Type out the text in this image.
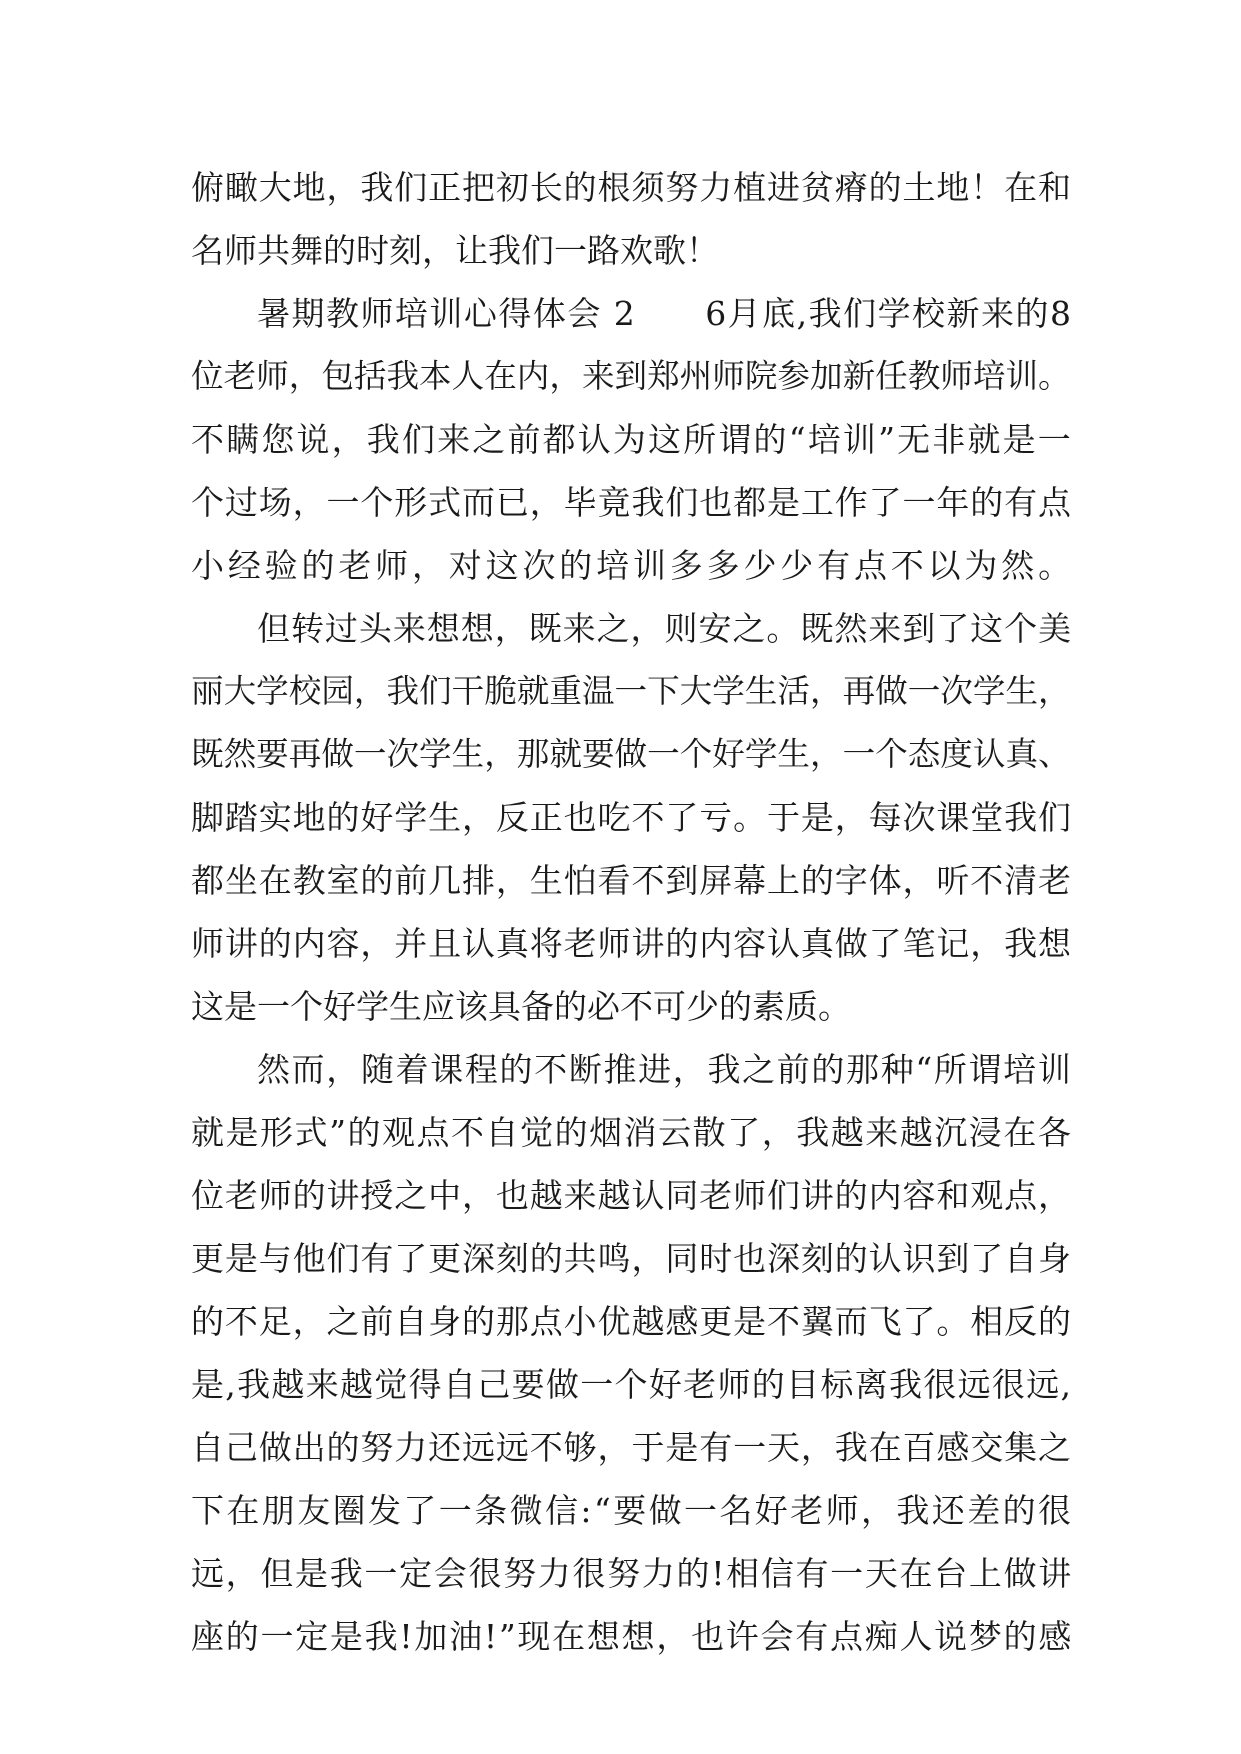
俯瞰大地，我们正把初长的根须努力植进贫瘠的土地！在和
名师共舞的时刻，让我们一路欢歌！
暑期教师培训心得体会 2　　6月底,我们学校新来的8
位老师，包括我本人在内，来到郑州师院参加新任教师培训。
不瞒您说，我们来之前都认为这所谓的“培训”无非就是一
个过场，一个形式而已，毕竟我们也都是工作了一年的有点
小经验的老师，对这次的培训多多少少有点不以为然。
但转过头来想想，既来之，则安之。既然来到了这个美
丽大学校园，我们干脆就重温一下大学生活，再做一次学生，
既然要再做一次学生，那就要做一个好学生，一个态度认真、
脚踏实地的好学生，反正也吃不了亏。于是，每次课堂我们
都坐在教室的前几排，生怕看不到屏幕上的字体，听不清老
师讲的内容，并且认真将老师讲的内容认真做了笔记，我想
这是一个好学生应该具备的必不可少的素质。
然而，随着课程的不断推进，我之前的那种“所谓培训
就是形式”的观点不自觉的烟消云散了，我越来越沉浸在各
位老师的讲授之中，也越来越认同老师们讲的内容和观点，
更是与他们有了更深刻的共鸣，同时也深刻的认识到了自身
的不足，之前自身的那点小优越感更是不翼而飞了。相反的
是,我越来越觉得自己要做一个好老师的目标离我很远很远,
自己做出的努力还远远不够，于是有一天，我在百感交集之
下在朋友圈发了一条微信:“要做一名好老师，我还差的很
远，但是我一定会很努力很努力的!相信有一天在台上做讲
座的一定是我!加油!”现在想想，也许会有点痴人说梦的感
